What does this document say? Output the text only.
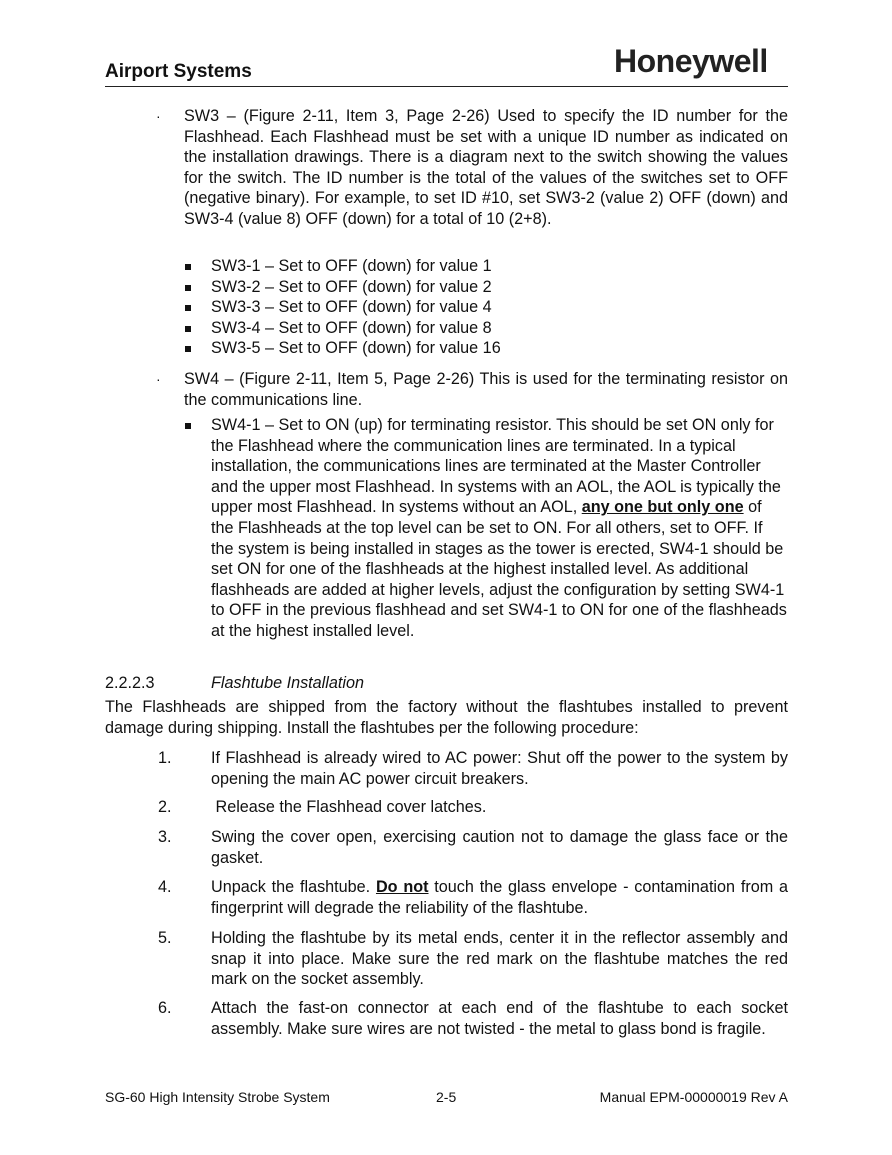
Airport Systems	Honeywell
·	SW3 – (Figure 2-11, Item 3, Page 2-26) Used to specify the ID number for the Flashhead. Each Flashhead must be set with a unique ID number as indicated on the installation drawings. There is a diagram next to the switch showing the values for the switch. The ID number is the total of the values of the switches set to OFF (negative binary). For example, to set ID #10, set SW3-2 (value 2) OFF (down) and SW3-4 (value 8) OFF (down) for a total of 10 (2+8).
SW3-1 – Set to OFF (down) for value 1
SW3-2 – Set to OFF (down) for value 2
SW3-3 – Set to OFF (down) for value 4
SW3-4 – Set to OFF (down) for value 8
SW3-5 – Set to OFF (down) for value 16
·	SW4 – (Figure 2-11, Item 5, Page 2-26) This is used for the terminating resistor on the communications line.
SW4-1 – Set to ON (up) for terminating resistor. This should be set ON only for the Flashhead where the communication lines are terminated. In a typical installation, the communications lines are terminated at the Master Controller and the upper most Flashhead. In systems with an AOL, the AOL is typically the upper most Flashhead. In systems without an AOL, any one but only one of the Flashheads at the top level can be set to ON. For all others, set to OFF. If the system is being installed in stages as the tower is erected, SW4-1 should be set ON for one of the flashheads at the highest installed level. As additional flashheads are added at higher levels, adjust the configuration by setting SW4-1 to OFF in the previous flashhead and set SW4-1 to ON for one of the flashheads at the highest installed level.
2.2.2.3	Flashtube Installation
The Flashheads are shipped from the factory without the flashtubes installed to prevent damage during shipping. Install the flashtubes per the following procedure:
1.	If Flashhead is already wired to AC power: Shut off the power to the system by opening the main AC power circuit breakers.
2.	Release the Flashhead cover latches.
3.	Swing the cover open, exercising caution not to damage the glass face or the gasket.
4.	Unpack the flashtube. Do not touch the glass envelope - contamination from a fingerprint will degrade the reliability of the flashtube.
5.	Holding the flashtube by its metal ends, center it in the reflector assembly and snap it into place. Make sure the red mark on the flashtube matches the red mark on the socket assembly.
6.	Attach the fast-on connector at each end of the flashtube to each socket assembly. Make sure wires are not twisted - the metal to glass bond is fragile.
SG-60 High Intensity Strobe System	2-5	Manual EPM-00000019 Rev A
